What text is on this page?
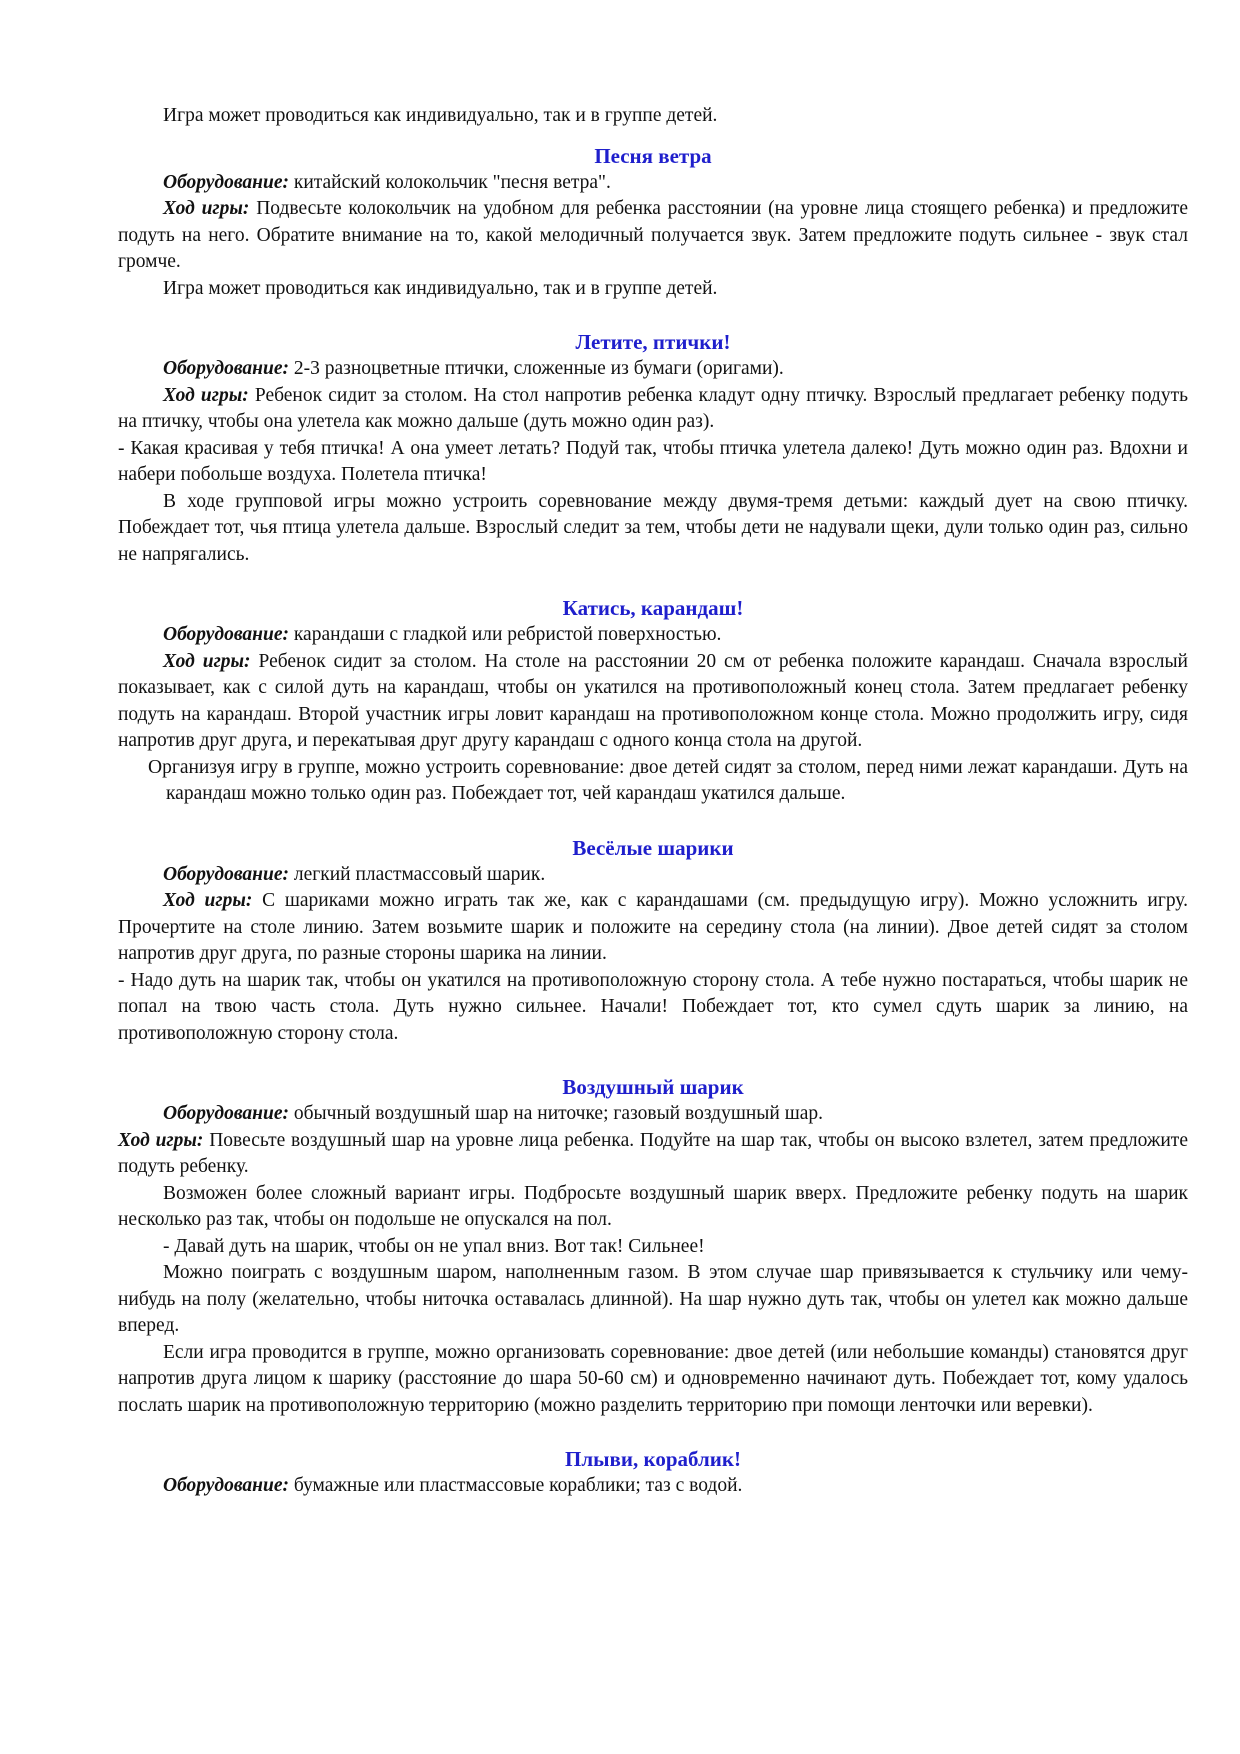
Игра может проводиться как индивидуально, так и в группе детей.

Песня ветра

Оборудование: китайский колокольчик "песня ветра".

Ход игры: Подвесьте колокольчик на удобном для ребенка расстоянии (на уровне лица стоящего ребенка) и предложите подуть на него. Обратите внимание на то, какой мелодичный получается звук. Затем предложите подуть сильнее - звук стал громче.

Игра может проводиться как индивидуально, так и в группе детей.

Летите, птички!

Оборудование: 2-3 разноцветные птички, сложенные из бумаги (оригами).

Ход игры: Ребенок сидит за столом. На стол напротив ребенка кладут одну птичку. Взрослый предлагает ребенку подуть на птичку, чтобы она улетела как можно дальше (дуть можно один раз).

- Какая красивая у тебя птичка! А она умеет летать? Подуй так, чтобы птичка улетела далеко! Дуть можно один раз. Вдохни и набери побольше воздуха. Полетела птичка!

В ходе групповой игры можно устроить соревнование между двумя-тремя детьми: каждый дует на свою птичку. Побеждает тот, чья птица улетела дальше. Взрослый следит за тем, чтобы дети не надували щеки, дули только один раз, сильно не напрягались.

Катись, карандаш!

Оборудование: карандаши с гладкой или ребристой поверхностью.

Ход игры: Ребенок сидит за столом. На столе на расстоянии 20 см от ребенка положите карандаш. Сначала взрослый показывает, как с силой дуть на карандаш, чтобы он укатился на противоположный конец стола. Затем предлагает ребенку подуть на карандаш. Второй участник игры ловит карандаш на противоположном конце стола. Можно продолжить игру, сидя напротив друг друга, и перекатывая друг другу карандаш с одного конца стола на другой.

Организуя игру в группе, можно устроить соревнование: двое детей сидят за столом, перед ними лежат карандаши. Дуть на карандаш можно только один раз. Побеждает тот, чей карандаш укатился дальше.

Весёлые шарики

Оборудование: легкий пластмассовый шарик.

Ход игры: С шариками можно играть так же, как с карандашами (см. предыдущую игру). Можно усложнить игру. Прочертите на столе линию. Затем возьмите шарик и положите на середину стола (на линии). Двое детей сидят за столом напротив друг друга, по разные стороны шарика на линии.

- Надо дуть на шарик так, чтобы он укатился на противоположную сторону стола. А тебе нужно постараться, чтобы шарик не попал на твою часть стола. Дуть нужно сильнее. Начали! Побеждает тот, кто сумел сдуть шарик за линию, на противоположную сторону стола.

Воздушный шарик

Оборудование: обычный воздушный шар на ниточке; газовый воздушный шар.

Ход игры: Повесьте воздушный шар на уровне лица ребенка. Подуйте на шар так, чтобы он высоко взлетел, затем предложите подуть ребенку.

Возможен более сложный вариант игры. Подбросьте воздушный шарик вверх. Предложите ребенку подуть на шарик несколько раз так, чтобы он подольше не опускался на пол.

- Давай дуть на шарик, чтобы он не упал вниз. Вот так! Сильнее!

Можно поиграть с воздушным шаром, наполненным газом. В этом случае шар привязывается к стульчику или чему-нибудь на полу (желательно, чтобы ниточка оставалась длинной). На шар нужно дуть так, чтобы он улетел как можно дальше вперед.

Если игра проводится в группе, можно организовать соревнование: двое детей (или небольшие команды) становятся друг напротив друга лицом к шарику (расстояние до шара 50-60 см) и одновременно начинают дуть. Побеждает тот, кому удалось послать шарик на противоположную территорию (можно разделить территорию при помощи ленточки или веревки).

Плыви, кораблик!

Оборудование: бумажные или пластмассовые кораблики; таз с водой.
